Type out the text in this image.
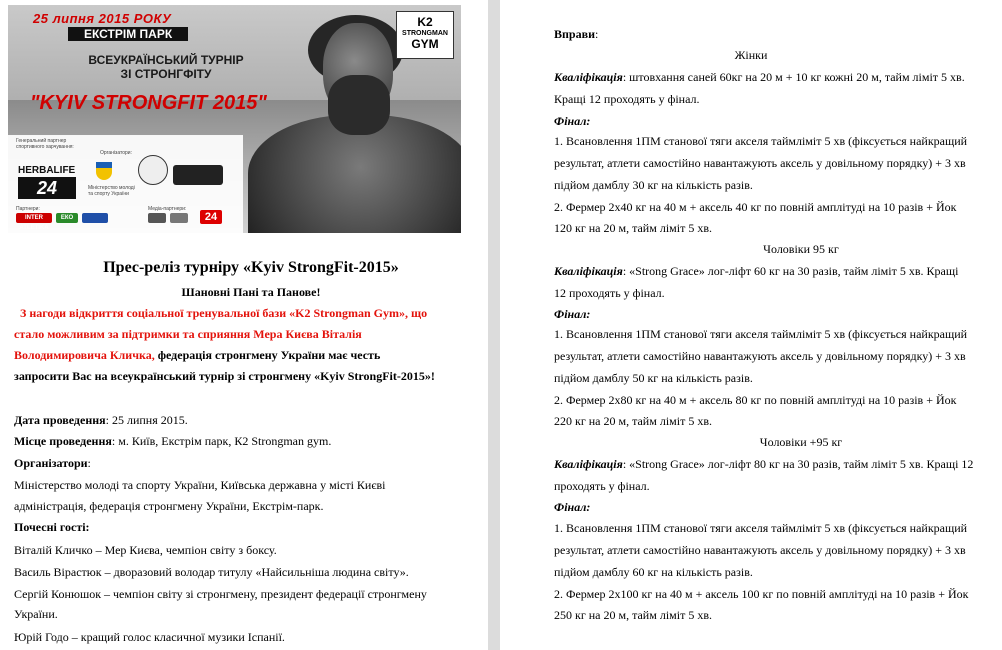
25 липня 2015 РОКУ
ЕКСТРІМ ПАРК
ВСЕУКРАЇНСЬКИЙ ТУРНІР
ЗІ СТРОНГФІТУ
"KYIV STRONGFIT 2015"
K2
STRONGMAN
GYM
Генеральний партнер спортивного харчування:
HERBALIFE
24
Організатори:
Міністерство молоді та спорту України
Партнери:
INTER ATLETIKA
ЕКО
Медіа-партнери:
24
Прес-реліз турніру «Kyiv StrongFit-2015»
Шановні Пані та Панове!
З нагоди відкриття соціальної тренувальної бази «K2 Strongman Gym», що
стало можливим за підтримки та сприяння Мера Києва Віталія
Володимировича Кличка, федерація стронгмену України має честь
запросити Вас на всеукраїнський турнір зі стронгмену «Kyiv StrongFit-2015»!
Дата проведення: 25 липня 2015.
Місце проведення: м. Київ, Екстрім парк, К2 Strongman gym.
Організатори:
Міністерство молоді та спорту України, Київська державна у місті Києві
адміністрація, федерація стронгмену України, Екстрім-парк.
Почесні гості:
Віталій Кличко – Мер Києва, чемпіон світу з боксу.
Василь Вірастюк – дворазовий володар титулу «Найсильніша людина світу».
Сергій Конюшок – чемпіон світу зі стронгмену, президент федерації стронгмену
України.
Юрій Годо – кращий голос класичної музики Іспанії.
Вправи:
Жінки
Кваліфікація: штовхання саней 60кг на 20 м + 10 кг кожні 20 м, тайм ліміт 5 хв.
Кращі 12 проходять у фінал.
Фінал:
1. Всановлення 1ПМ станової тяги акселя таймліміт 5 хв (фіксується найкращий
результат, атлети самостійно навантажують аксель у довільному порядку) + 3 хв
підйом дамблу 30 кг на кількість разів.
2. Фермер 2х40 кг на 40 м + аксель 40 кг по повній амплітуді на 10 разів + Йок
120 кг на 20 м, тайм ліміт 5 хв.
Чоловіки 95 кг
Кваліфікація: «Strong Grace» лог-ліфт 60 кг на 30 разів, тайм ліміт 5 хв. Кращі
12 проходять у фінал.
Фінал:
1. Всановлення 1ПМ станової тяги акселя таймліміт 5 хв (фіксується найкращий
результат, атлети самостійно навантажують аксель у довільному порядку) + 3 хв
підйом дамблу 50 кг на кількість разів.
2. Фермер 2х80 кг на 40 м + аксель 80 кг по повній амплітуді на 10 разів + Йок
220 кг на 20 м, тайм ліміт 5 хв.
Чоловіки +95 кг
Кваліфікація: «Strong Grace» лог-ліфт 80 кг на 30 разів, тайм ліміт 5 хв. Кращі 12
проходять у фінал.
Фінал:
1. Всановлення 1ПМ станової тяги акселя таймліміт 5 хв (фіксується найкращий
результат, атлети самостійно навантажують аксель у довільному порядку) + 3 хв
підйом дамблу 60 кг на кількість разів.
2. Фермер 2х100 кг на 40 м + аксель 100 кг по повній амплітуді на 10 разів + Йок
250 кг на 20 м, тайм ліміт 5 хв.
